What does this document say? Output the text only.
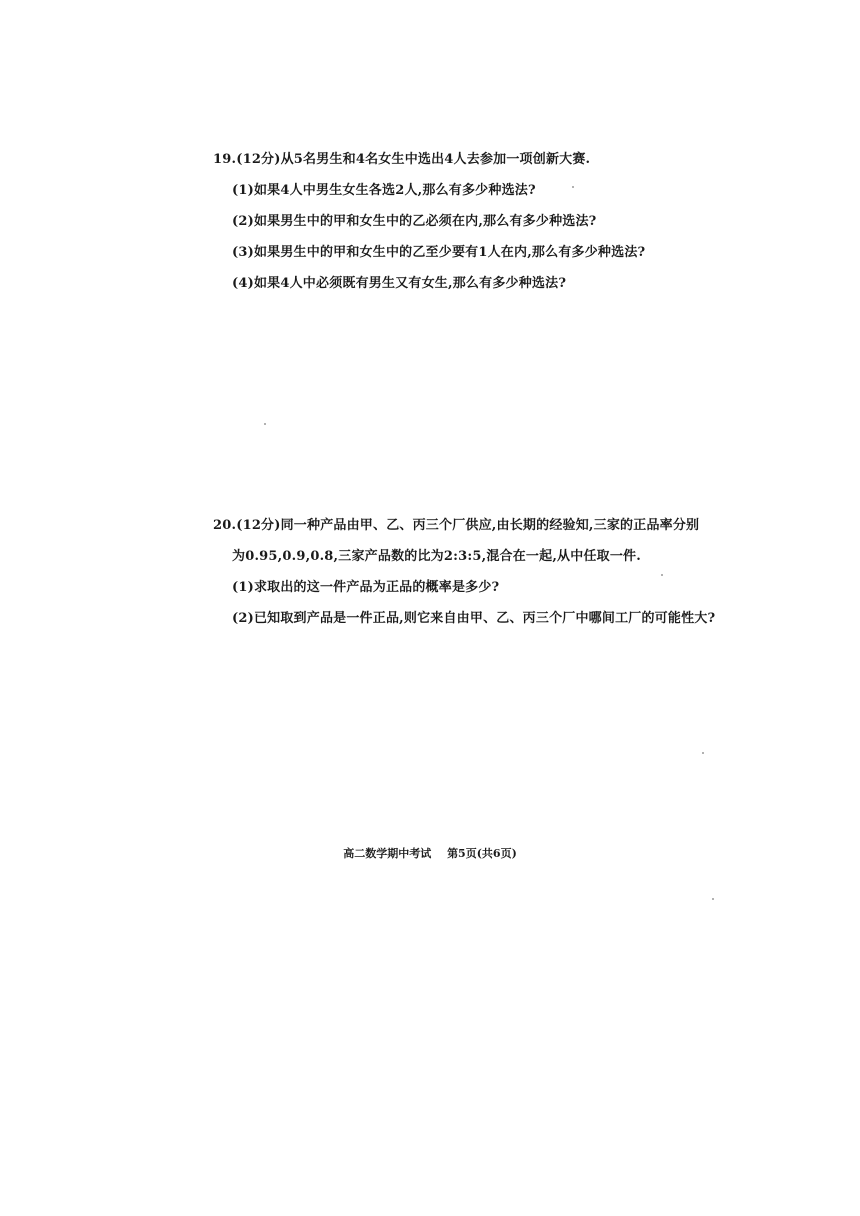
19.(12分)从5名男生和4名女生中选出4人去参加一项创新大赛.
(1)如果4人中男生女生各选2人,那么有多少种选法?
(2)如果男生中的甲和女生中的乙必须在内,那么有多少种选法?
(3)如果男生中的甲和女生中的乙至少要有1人在内,那么有多少种选法?
(4)如果4人中必须既有男生又有女生,那么有多少种选法?
20.(12分)同一种产品由甲、乙、丙三个厂供应,由长期的经验知,三家的正品率分别
为0.95,0.9,0.8,三家产品数的比为2:3:5,混合在一起,从中任取一件.
(1)求取出的这一件产品为正品的概率是多少?
(2)已知取到产品是一件正品,则它来自由甲、乙、丙三个厂中哪间工厂的可能性大?
高二数学期中考试 第5页(共6页)
